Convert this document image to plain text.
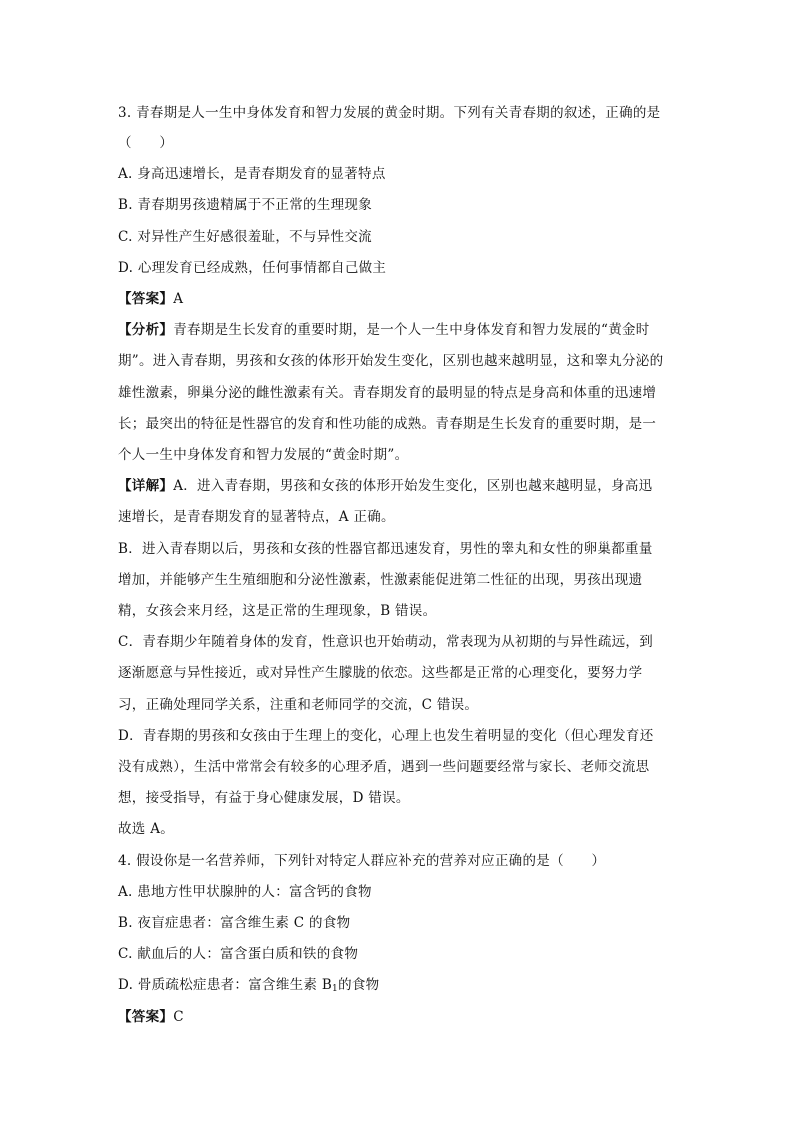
3. 青春期是人一生中身体发育和智力发展的黄金时期。下列有关青春期的叙述，正确的是
（　　）
A. 身高迅速增长，是青春期发育的显著特点
B. 青春期男孩遗精属于不正常的生理现象
C. 对异性产生好感很羞耻，不与异性交流
D. 心理发育已经成熟，任何事情都自己做主
【答案】A
【分析】青春期是生长发育的重要时期，是一个人一生中身体发育和智力发展的“黄金时
期”。进入青春期，男孩和女孩的体形开始发生变化，区别也越来越明显，这和睾丸分泌的
雄性激素，卵巢分泌的雌性激素有关。青春期发育的最明显的特点是身高和体重的迅速增
长；最突出的特征是性器官的发育和性功能的成熟。青春期是生长发育的重要时期，是一
个人一生中身体发育和智力发展的“黄金时期”。
【详解】A．进入青春期，男孩和女孩的体形开始发生变化，区别也越来越明显，身高迅
速增长，是青春期发育的显著特点，A 正确。
B．进入青春期以后，男孩和女孩的性器官都迅速发育，男性的睾丸和女性的卵巢都重量
增加，并能够产生生殖细胞和分泌性激素，性激素能促进第二性征的出现，男孩出现遗
精，女孩会来月经，这是正常的生理现象，B 错误。
C．青春期少年随着身体的发育，性意识也开始萌动，常表现为从初期的与异性疏远，到
逐渐愿意与异性接近，或对异性产生朦胧的依恋。这些都是正常的心理变化，要努力学
习，正确处理同学关系，注重和老师同学的交流，C 错误。
D．青春期的男孩和女孩由于生理上的变化，心理上也发生着明显的变化（但心理发育还
没有成熟），生活中常常会有较多的心理矛盾，遇到一些问题要经常与家长、老师交流思
想，接受指导，有益于身心健康发展，D 错误。
故选 A。
4. 假设你是一名营养师，下列针对特定人群应补充的营养对应正确的是（　　）
A. 患地方性甲状腺肿的人：富含钙的食物
B. 夜盲症患者：富含维生素 C 的食物
C. 献血后的人：富含蛋白质和铁的食物
D. 骨质疏松症患者：富含维生素 $B_1$的食物
【答案】C
